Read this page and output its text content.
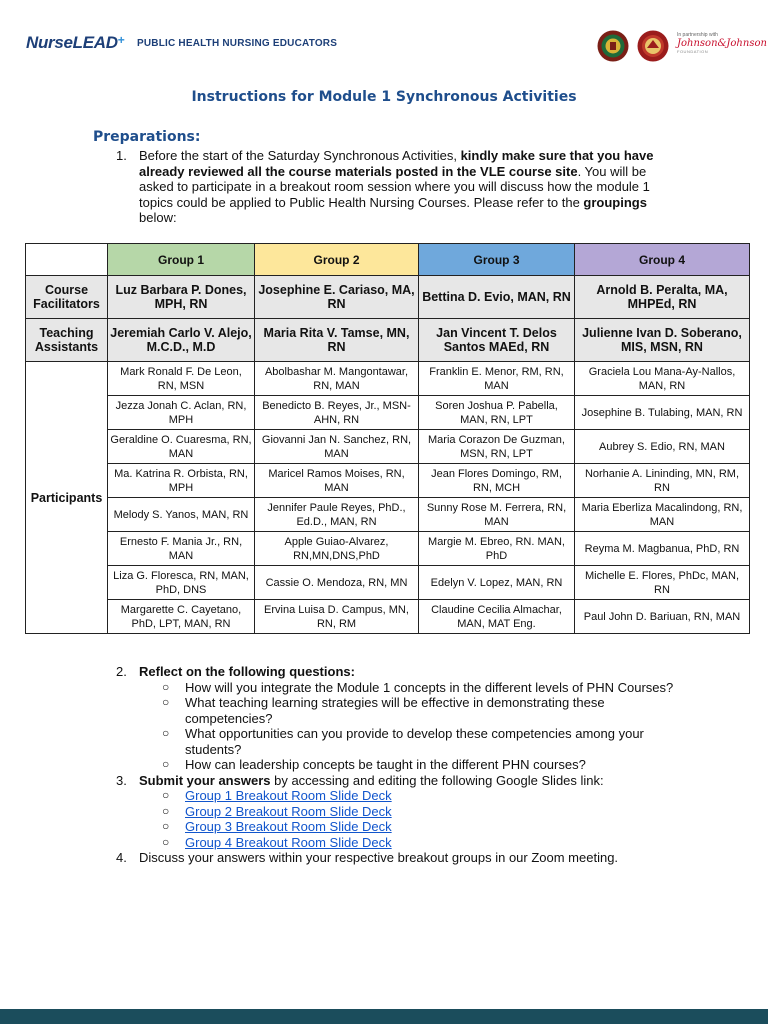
NurseLEAD+ PUBLIC HEALTH NURSING EDUCATORS
In partnership with
Johnson&Johnson
FOUNDATION
Instructions for Module 1 Synchronous Activities
Preparations:
1. Before the start of the Saturday Synchronous Activities, kindly make sure that you have already reviewed all the course materials posted in the VLE course site. You will be asked to participate in a breakout room session where you will discuss how the module 1 topics could be applied to Public Health Nursing Courses. Please refer to the groupings below:
	Group 1	Group 2	Group 3	Group 4
Course Facilitators	Luz Barbara P. Dones, MPH, RN	Josephine E. Cariaso, MA, RN	Bettina D. Evio, MAN, RN	Arnold B. Peralta, MA, MHPEd, RN
Teaching Assistants	Jeremiah Carlo V. Alejo, M.C.D., M.D	Maria Rita V. Tamse, MN, RN	Jan Vincent T. Delos Santos MAEd, RN	Julienne Ivan D. Soberano, MIS, MSN, RN
Participants	Mark Ronald F. De Leon, RN, MSN	Abolbashar M. Mangontawar, RN, MAN	Franklin E. Menor, RM, RN, MAN	Graciela Lou Mana-Ay-Nallos, MAN, RN
	Jezza Jonah C. Aclan, RN, MPH	Benedicto B. Reyes, Jr., MSN-AHN, RN	Soren Joshua P. Pabella, MAN, RN, LPT	Josephine B. Tulabing, MAN, RN
	Geraldine O. Cuaresma, RN, MAN	Giovanni Jan N. Sanchez, RN, MAN	Maria Corazon De Guzman, MSN, RN, LPT	Aubrey S. Edio, RN, MAN
	Ma. Katrina R. Orbista, RN, MPH	Maricel Ramos Moises, RN, MAN	Jean Flores Domingo, RM, RN, MCH	Norhanie A. Lininding, MN, RM, RN
	Melody S. Yanos, MAN, RN	Jennifer Paule Reyes, PhD., Ed.D., MAN, RN	Sunny Rose M. Ferrera, RN, MAN	Maria Eberliza Macalindong, RN, MAN
	Ernesto F. Mania Jr., RN, MAN	Apple Guiao-Alvarez, RN,MN,DNS,PhD	Margie M. Ebreo, RN. MAN, PhD	Reyma M. Magbanua, PhD, RN
	Liza G. Floresca, RN, MAN, PhD, DNS	Cassie O. Mendoza, RN, MN	Edelyn V. Lopez, MAN, RN	Michelle E. Flores, PhDc, MAN, RN
	Margarette C. Cayetano, PhD, LPT, MAN, RN	Ervina Luisa D. Campus, MN, RN, RM	Claudine Cecilia Almachar, MAN, MAT Eng.	Paul John D. Bariuan, RN, MAN
2. Reflect on the following questions:
○ How will you integrate the Module 1 concepts in the different levels of PHN Courses?
○ What teaching learning strategies will be effective in demonstrating these competencies?
○ What opportunities can you provide to develop these competencies among your students?
○ How can leadership concepts be taught in the different PHN courses?
3. Submit your answers by accessing and editing the following Google Slides link:
○ Group 1 Breakout Room Slide Deck
○ Group 2 Breakout Room Slide Deck
○ Group 3 Breakout Room Slide Deck
○ Group 4 Breakout Room Slide Deck
4. Discuss your answers within your respective breakout groups in our Zoom meeting.
